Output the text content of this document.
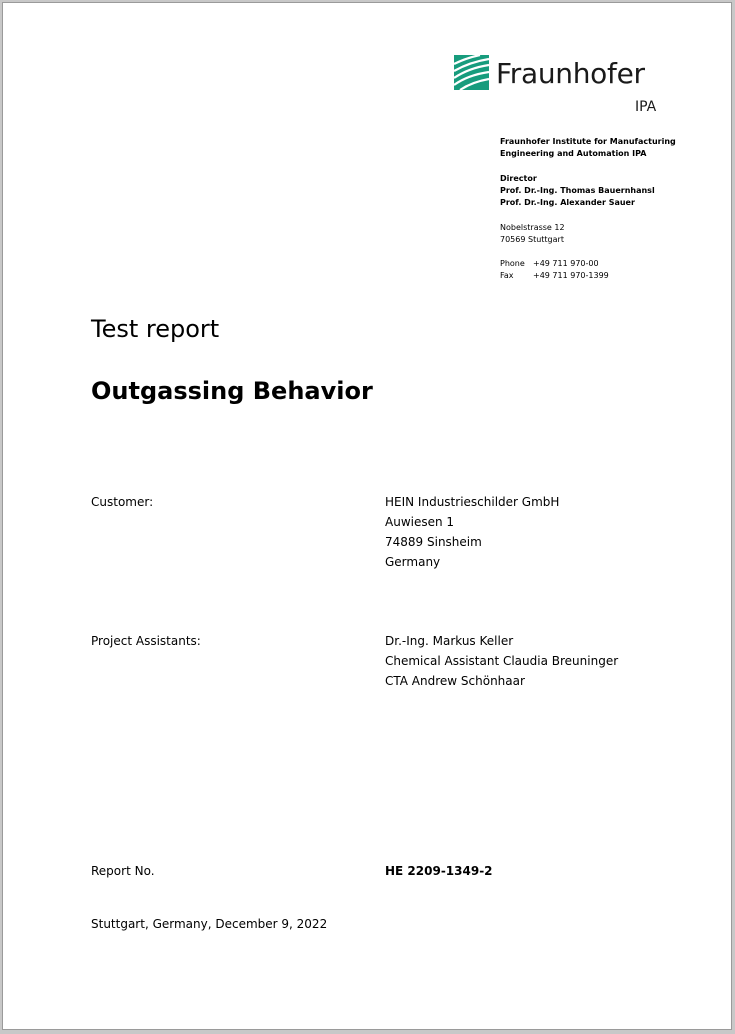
Fraunhofer
IPA
Fraunhofer Institute for Manufacturing
Engineering and Automation IPA
Director
Prof. Dr.-Ing. Thomas Bauernhansl
Prof. Dr.-Ing. Alexander Sauer
Nobelstrasse 12
70569 Stuttgart
Phone +49 711 970-00
Fax +49 711 970-1399
Test report
Outgassing Behavior
Customer:	HEIN Industrieschilder GmbH
Auwiesen 1
74889 Sinsheim
Germany
Project Assistants:	Dr.-Ing. Markus Keller
Chemical Assistant Claudia Breuninger
CTA Andrew Schönhaar
Report No.	HE 2209-1349-2
Stuttgart, Germany, December 9, 2022
